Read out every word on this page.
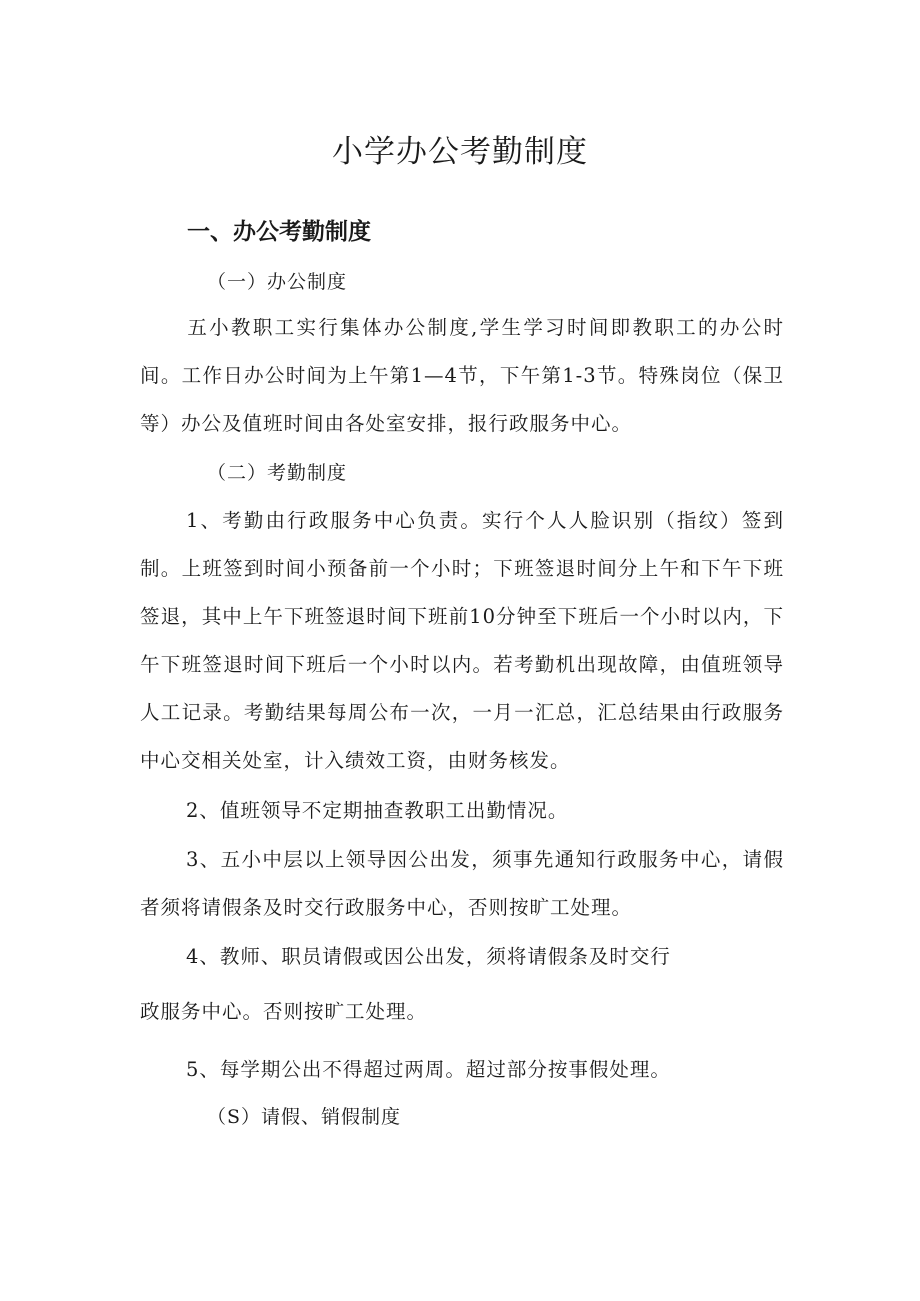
小学办公考勤制度
一、办公考勤制度
（一）办公制度
五小教职工实行集体办公制度,学生学习时间即教职工的办公时间。工作日办公时间为上午第1—4节，下午第1-3节。特殊岗位（保卫等）办公及值班时间由各处室安排，报行政服务中心。
（二）考勤制度
1、考勤由行政服务中心负责。实行个人人脸识别（指纹）签到制。上班签到时间小预备前一个小时；下班签退时间分上午和下午下班签退，其中上午下班签退时间下班前10分钟至下班后一个小时以内，下午下班签退时间下班后一个小时以内。若考勤机出现故障，由值班领导人工记录。考勤结果每周公布一次，一月一汇总，汇总结果由行政服务中心交相关处室，计入绩效工资，由财务核发。
2、值班领导不定期抽查教职工出勤情况。
3、五小中层以上领导因公出发，须事先通知行政服务中心，请假者须将请假条及时交行政服务中心，否则按旷工处理。
4、教师、职员请假或因公出发，须将请假条及时交行
政服务中心。否则按旷工处理。
5、每学期公出不得超过两周。超过部分按事假处理。
（S）请假、销假制度
